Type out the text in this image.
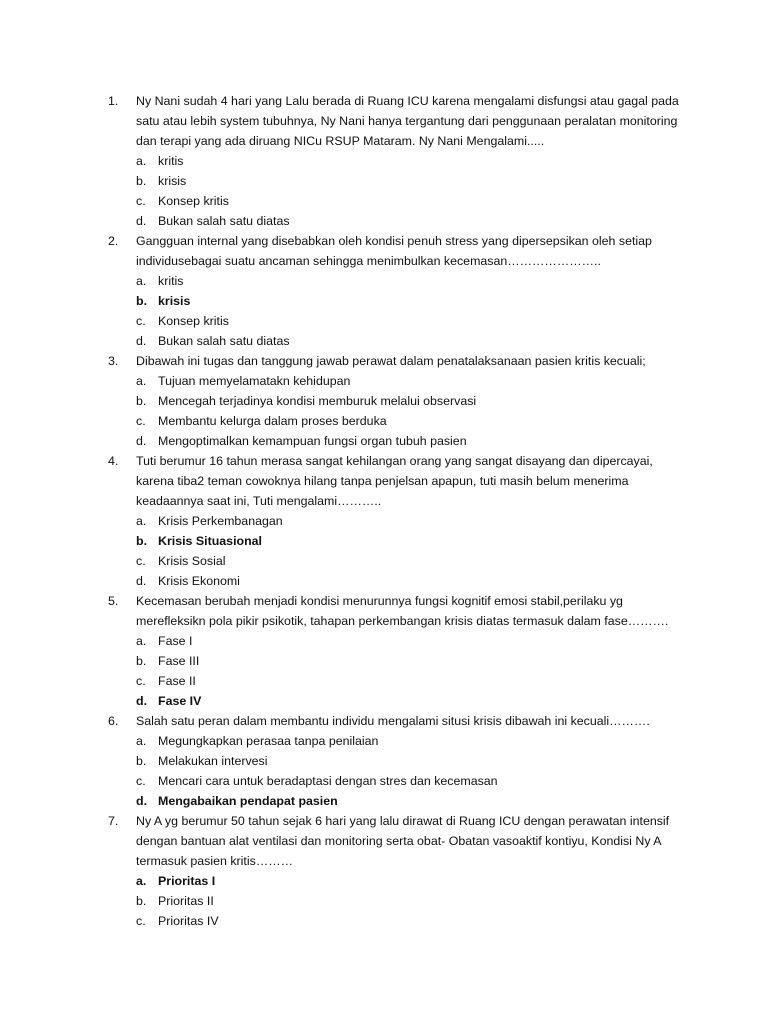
1.	Ny Nani sudah 4 hari yang Lalu berada di Ruang ICU karena mengalami disfungsi atau gagal pada satu atau lebih system tubuhnya, Ny Nani hanya tergantung dari penggunaan peralatan monitoring dan terapi yang ada diruang NICu RSUP Mataram. Ny Nani Mengalami.....
a. kritis
b. krisis
c. Konsep kritis
d. Bukan salah satu diatas
2.	Gangguan internal yang disebabkan oleh kondisi penuh stress yang dipersepsikan oleh setiap individusebagai suatu ancaman sehingga menimbulkan kecemasan…………………..
a. kritis
b. krisis
c. Konsep kritis
d. Bukan salah satu diatas
3.	Dibawah ini tugas dan tanggung jawab perawat dalam penatalaksanaan pasien kritis kecuali;
a. Tujuan memyelamatakn kehidupan
b. Mencegah terjadinya kondisi memburuk melalui observasi
c. Membantu kelurga dalam proses berduka
d. Mengoptimalkan kemampuan fungsi organ tubuh pasien
4.	Tuti berumur 16 tahun merasa sangat kehilangan orang yang sangat disayang dan dipercayai, karena tiba2 teman cowoknya hilang tanpa penjelsan apapun, tuti masih belum menerima keadaannya saat ini, Tuti mengalami………..
a. Krisis Perkembanagan
b. Krisis Situasional
c. Krisis Sosial
d. Krisis Ekonomi
5.	Kecemasan berubah menjadi kondisi menurunnya fungsi kognitif emosi stabil,perilaku yg merefleksikn pola pikir psikotik, tahapan perkembangan krisis diatas termasuk dalam fase……….
a. Fase I
b. Fase III
c. Fase II
d. Fase IV
6.	Salah satu peran dalam membantu individu mengalami situsi krisis dibawah ini kecuali……….
a. Megungkapkan perasaa tanpa penilaian
b. Melakukan intervesi
c. Mencari cara untuk beradaptasi dengan stres dan kecemasan
d. Mengabaikan pendapat pasien
7.	Ny A yg berumur 50 tahun sejak 6 hari yang lalu dirawat di Ruang ICU dengan perawatan intensif dengan bantuan alat ventilasi dan monitoring serta obat- Obatan vasoaktif kontiyu, Kondisi Ny A termasuk pasien kritis………
a. Prioritas I
b. Prioritas II
c. Prioritas IV
